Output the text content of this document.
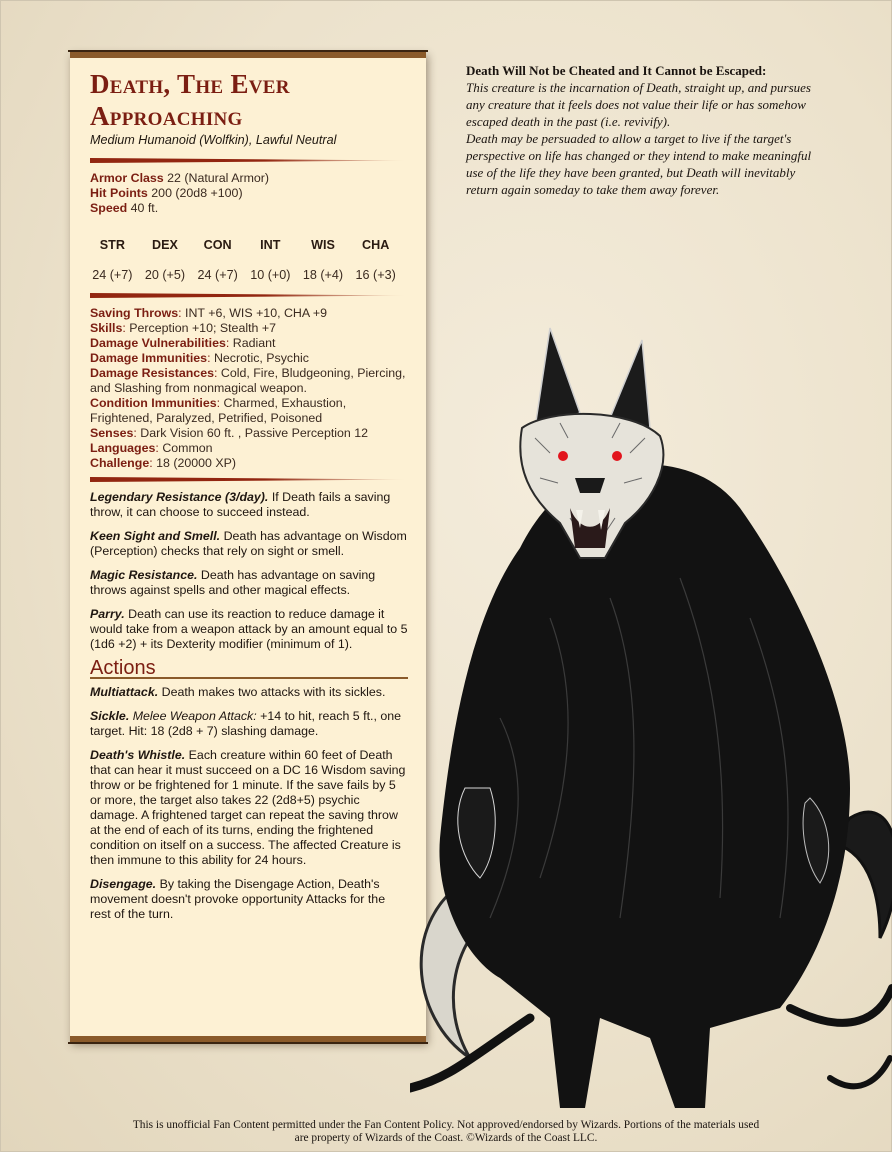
Death, The Ever Approaching
Medium Humanoid (Wolfkin), Lawful Neutral
Armor Class 22 (Natural Armor)
Hit Points 200 (20d8 +100)
Speed 40 ft.
STR
24 (+7)
DEX
20 (+5)
CON
24 (+7)
INT
10 (+0)
WIS
18 (+4)
CHA
16 (+3)
Saving Throws: INT +6, WIS +10, CHA +9
Skills: Perception +10; Stealth +7
Damage Vulnerabilities: Radiant
Damage Immunities: Necrotic, Psychic
Damage Resistances: Cold, Fire, Bludgeoning, Piercing, and Slashing from nonmagical weapon.
Condition Immunities: Charmed, Exhaustion, Frightened, Paralyzed, Petrified, Poisoned
Senses: Dark Vision 60 ft. , Passive Perception 12
Languages: Common
Challenge: 18 (20000 XP)

Legendary Resistance (3/day). If Death fails a saving throw, it can choose to succeed instead.

Keen Sight and Smell. Death has advantage on Wisdom (Perception) checks that rely on sight or smell.

Magic Resistance. Death has advantage on saving throws against spells and other magical effects.

Parry. Death can use its reaction to reduce damage it would take from a weapon attack by an amount equal to 5 (1d6 +2) + its Dexterity modifier (minimum of 1).

Actions

Multiattack. Death makes two attacks with its sickles.

Sickle. Melee Weapon Attack: +14 to hit, reach 5 ft., one target. Hit: 18 (2d8 + 7) slashing damage.

Death's Whistle. Each creature within 60 feet of Death that can hear it must succeed on a DC 16 Wisdom saving throw or be frightened for 1 minute. If the save fails by 5 or more, the target also takes 22 (2d8+5) psychic damage. A frightened target can repeat the saving throw at the end of each of its turns, ending the frightened condition on itself on a success. The affected Creature is then immune to this ability for 24 hours.

Disengage. By taking the Disengage Action, Death's movement doesn't provoke opportunity Attacks for the rest of the turn.

Death Will Not be Cheated and It Cannot be Escaped:
This creature is the incarnation of Death, straight up, and pursues any creature that it feels does not value their life or has somehow escaped death in the past (i.e. revivify).
Death may be persuaded to allow a target to live if the target's perspective on life has changed or they intend to make meaningful use of the life they have been granted, but Death will inevitably return again someday to take them away forever.
This is unofficial Fan Content permitted under the Fan Content Policy. Not approved/endorsed by Wizards. Portions of the materials used
are property of Wizards of the Coast. ©Wizards of the Coast LLC.
